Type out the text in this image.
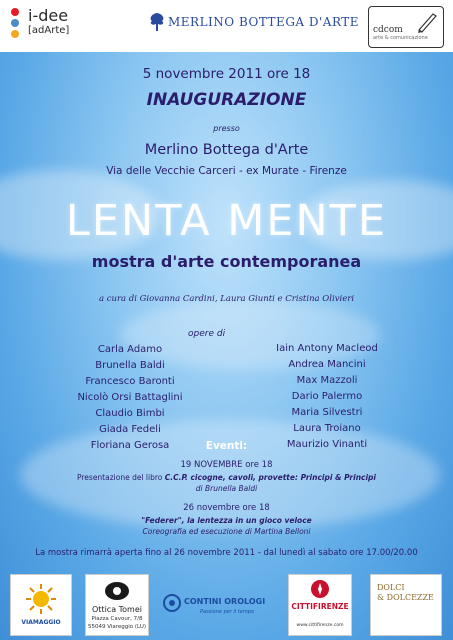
i-dee
[adArte]
MERLINO BOTTEGA D'ARTE
cdcom
arte & comunicazione
5 novembre 2011 ore 18
INAUGURAZIONE
presso
Merlino Bottega d'Arte
Via delle Vecchie Carceri - ex Murate - Firenze
LENTA MENTE
mostra d'arte contemporanea
a cura di Giovanna Cardini, Laura Giunti e Cristina Olivieri
opere di
Carla Adamo
Brunella Baldi
Francesco Baronti
Nicolò Orsi Battaglini
Claudio Bimbi
Giada Fedeli
Floriana Gerosa
Iain Antony Macleod
Andrea Mancini
Max Mazzoli
Dario Palermo
Maria Silvestri
Laura Troiano
Maurizio Vinanti
Eventi:
19 NOVEMBRE ore 18
Presentazione del libro C.C.P. cicogne, cavoli, provette: Principi & Principi
di Brunella Baldi
26 novembre ore 18
"Federer", la lentezza in un gioco veloce
Coreografia ed esecuzione di Martina Belloni
La mostra rimarrà aperta fino al 26 novembre 2011 - dal lunedì al sabato ore 17.00/20.00
VIAMAGGIO
Ottica Tomei
Piazza Cavour, 7/8
55049 Viareggio (LU)
CONTINI OROLOGI
Passione per il tempo
CITTIFIRENZE
www.cittifirenze.com
DOLCI
& DOLCEZZE
